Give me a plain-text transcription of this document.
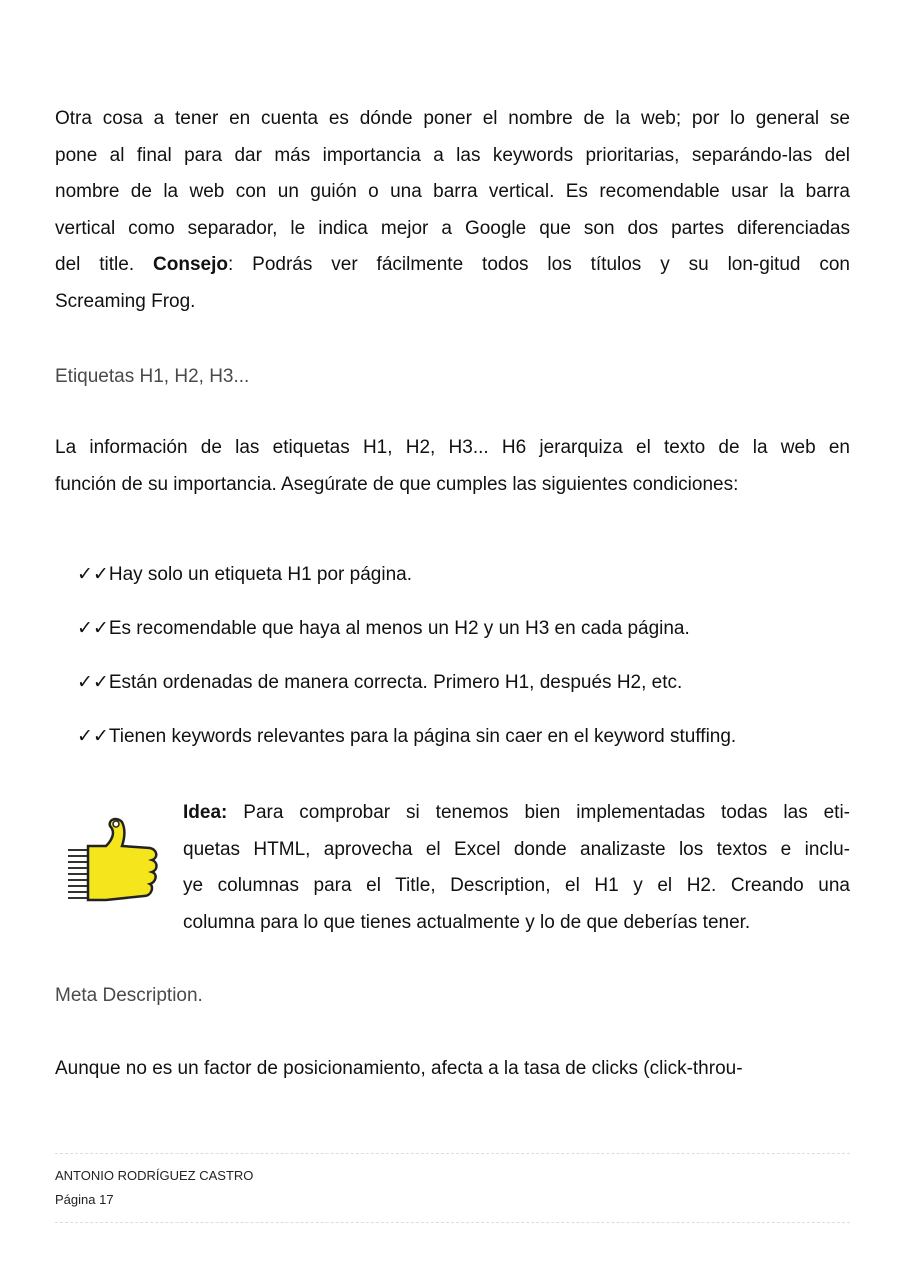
Otra cosa a tener en cuenta es dónde poner el nombre de la web; por lo general se
pone al final para dar más importancia a las keywords prioritarias, separándo-las del
nombre de la web con un guión o una barra vertical. Es recomendable usar la barra
vertical como separador, le indica mejor a Google que son dos partes diferenciadas
del title. Consejo: Podrás ver fácilmente todos los títulos y su lon-gitud con
Screaming Frog.
Etiquetas H1, H2, H3...
La información de las etiquetas H1, H2, H3... H6 jerarquiza el texto de la web en
función de su importancia. Asegúrate de que cumples las siguientes condiciones:
✓✓Hay solo un etiqueta H1 por página.
✓✓Es recomendable que haya al menos un H2 y un H3 en cada página.
✓✓Están ordenadas de manera correcta. Primero H1, después H2, etc.
✓✓Tienen keywords relevantes para la página sin caer en el keyword stuffing.
Idea: Para comprobar si tenemos bien implementadas todas las eti-
quetas HTML, aprovecha el Excel donde analizaste los textos e inclu-
ye columnas para el Title, Description, el H1 y el H2. Creando una
columna para lo que tienes actualmente y lo de que deberías tener.
Meta Description.
Aunque no es un factor de posicionamiento, afecta a la tasa de clicks (click-throu-
ANTONIO RODRÍGUEZ CASTRO
Página 17
